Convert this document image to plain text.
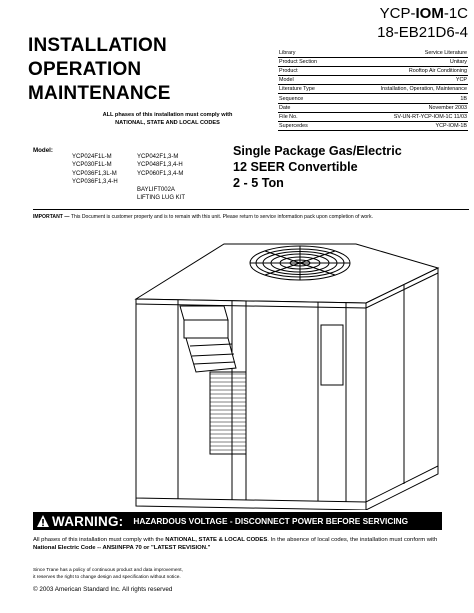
INSTALLATION
OPERATION
MAINTENANCE
ALL phases of this installation must comply with
NATIONAL, STATE AND LOCAL CODES
YCP-IOM-1C
18-EB21D6-4
Library	Service Literature
Product Section	Unitary
Product	Rooftop Air Conditioning
Model	YCP
Literature Type	Installation, Operation, Maintenance
Sequence	1B
Date	November 2003
File No.	SV-UN-RT-YCP-IOM-1C 11/03
Supercedes	YCP-IOM-1B
Model:
YCP024F1L-M
YCP030F1L-M
YCP036F1,3L-M
YCP036F1,3,4-H
YCP042F1,3-M
YCP048F1,3,4-H
YCP060F1,3,4-M
BAYLIFT002A
LIFTING LUG KIT
Single Package Gas/Electric
12 SEER Convertible
2 - 5 Ton
IMPORTANT — This Document is customer property and is to remain with this unit. Please return to service information pack upon completion of work.
WARNING: HAZARDOUS VOLTAGE - DISCONNECT POWER BEFORE SERVICING
All phases of this installation must comply with the NATIONAL, STATE & LOCAL CODES. In the absence of local codes, the installation must conform with National Electric Code -- ANSI/NFPA 70 or "LATEST REVISION."
Since Trane has a policy of continuous product and data improvement,
it reserves the right to change design and specification without notice.
© 2003 American Standard Inc. All rights reserved
